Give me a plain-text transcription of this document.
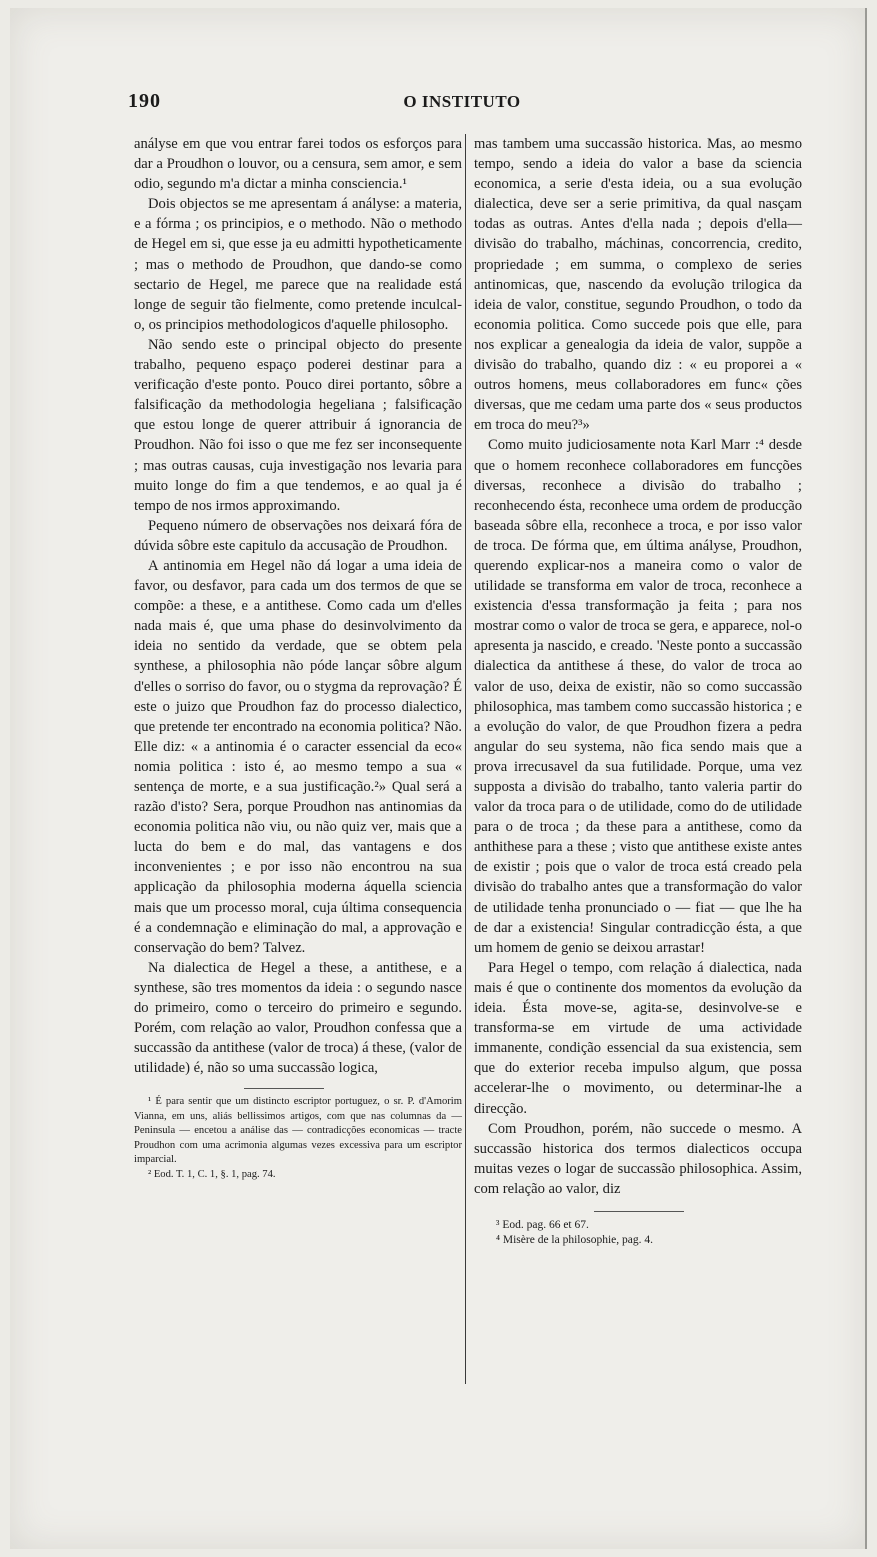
190	O INSTITUTO

anályse em que vou entrar farei todos os esforços para dar a Proudhon o louvor, ou a censura, sem amor, e sem odio, segundo m'a dictar a minha consciencia.¹

Dois objectos se me apresentam á anályse: a materia, e a fórma ; os principios, e o methodo. Não o methodo de Hegel em si, que esse ja eu admitti hypotheticamente ; mas o methodo de Proudhon, que dando-se como sectario de Hegel, me parece que na realidade está longe de seguir tão fielmente, como pretende inculcal-o, os principios methodologicos d'aquelle philosopho.

Não sendo este o principal objecto do presente trabalho, pequeno espaço poderei destinar para a verificação d'este ponto. Pouco direi portanto, sôbre a falsificação da methodologia hegeliana ; falsificação que estou longe de querer attribuir á ignorancia de Proudhon. Não foi isso o que me fez ser inconsequente ; mas outras causas, cuja investigação nos levaria para muito longe do fim a que tendemos, e ao qual ja é tempo de nos irmos approximando.

Pequeno número de observações nos deixará fóra de dúvida sôbre este capitulo da accusação de Proudhon.

A antinomia em Hegel não dá logar a uma ideia de favor, ou desfavor, para cada um dos termos de que se compõe: a these, e a antithese. Como cada um d'elles nada mais é, que uma phase do desinvolvimento da ideia no sentido da verdade, que se obtem pela synthese, a philosophia não póde lançar sôbre algum d'elles o sorriso do favor, ou o stygma da reprovação? É este o juizo que Proudhon faz do processo dialectico, que pretende ter encontrado na economia politica? Não. Elle diz: « a antinomia é o caracter essencial da eco« nomia politica : isto é, ao mesmo tempo a sua « sentença de morte, e a sua justificação.²» Qual será a razão d'isto? Sera, porque Proudhon nas antinomias da economia politica não viu, ou não quiz ver, mais que a lucta do bem e do mal, das vantagens e dos inconvenientes ; e por isso não encontrou na sua applicação da philosophia moderna áquella sciencia mais que um processo moral, cuja última consequencia é a condemnação e eliminação do mal, a approvação e conservação do bem? Talvez.

Na dialectica de Hegel a these, a antithese, e a synthese, são tres momentos da ideia : o segundo nasce do primeiro, como o terceiro do primeiro e segundo. Porém, com relação ao valor, Proudhon confessa que a succassão da antithese (valor de troca) á these, (valor de utilidade) é, não so uma succassão logica,

¹ É para sentir que um distincto escriptor portuguez, o sr. P. d'Amorim Vianna, em uns, aliás bellissimos artigos, com que nas columnas da — Peninsula — encetou a análise das — contradicções economicas — tracte Proudhon com uma acrimonia algumas vezes excessiva para um escriptor imparcial.

² Eod. T. 1, C. 1, §. 1, pag. 74.

mas tambem uma succassão historica. Mas, ao mesmo tempo, sendo a ideia do valor a base da sciencia economica, a serie d'esta ideia, ou a sua evolução dialectica, deve ser a serie primitiva, da qual nasçam todas as outras. Antes d'ella nada ; depois d'ella—divisão do trabalho, máchinas, concorrencia, credito, propriedade ; em summa, o complexo de series antinomicas, que, nascendo da evolução trilogica da ideia de valor, constitue, segundo Proudhon, o todo da economia politica. Como succede pois que elle, para nos explicar a genealogia da ideia de valor, suppõe a divisão do trabalho, quando diz : « eu proporei a « outros homens, meus collaboradores em func« ções diversas, que me cedam uma parte dos « seus productos em troca do meu?³»

Como muito judiciosamente nota Karl Marr :⁴ desde que o homem reconhece collaboradores em funcções diversas, reconhece a divisão do trabalho ; reconhecendo ésta, reconhece uma ordem de producção baseada sôbre ella, reconhece a troca, e por isso valor de troca. De fórma que, em última anályse, Proudhon, querendo explicar-nos a maneira como o valor de utilidade se transforma em valor de troca, reconhece a existencia d'essa transformação ja feita ; para nos mostrar como o valor de troca se gera, e apparece, nol-o apresenta ja nascido, e creado. 'Neste ponto a succassão dialectica da antithese á these, do valor de troca ao valor de uso, deixa de existir, não so como succassão philosophica, mas tambem como succassão historica ; e a evolução do valor, de que Proudhon fizera a pedra angular do seu systema, não fica sendo mais que a prova irrecusavel da sua futilidade. Porque, uma vez supposta a divisão do trabalho, tanto valeria partir do valor da troca para o de utilidade, como do de utilidade para o de troca ; da these para a antithese, como da anthithese para a these ; visto que antithese existe antes de existir ; pois que o valor de troca está creado pela divisão do trabalho antes que a transformação do valor de utilidade tenha pronunciado o — fiat — que lhe ha de dar a existencia! Singular contradicção ésta, a que um homem de genio se deixou arrastar!

Para Hegel o tempo, com relação á dialectica, nada mais é que o continente dos momentos da evolução da ideia. Ésta move-se, agita-se, desinvolve-se e transforma-se em virtude de uma actividade immanente, condição essencial da sua existencia, sem que do exterior receba impulso algum, que possa accelerar-lhe o movimento, ou determinar-lhe a direcção.

Com Proudhon, porém, não succede o mesmo. A succassão historica dos termos dialecticos occupa muitas vezes o logar de succassão philosophica. Assim, com relação ao valor, diz

³ Eod. pag. 66 et 67.

⁴ Misère de la philosophie, pag. 4.
